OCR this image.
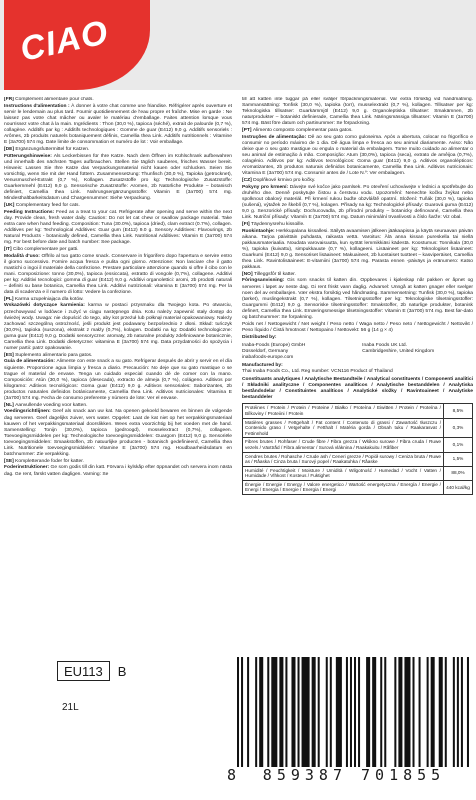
CIAO
[FR] Complément alimentaire pour chats.
Instructions d'alimentation : À donner à votre chat comme une friandise. Réfrigérer après ouverture et servir le lendemain au plus tard. Fournir quotidiennement de l'eau propre et fraîche. Mise en garde : Ne laissez pas votre chat mâcher ou avaler le matériau d'emballage. Faites attention lorsque vous nourrissez votre chat à la main. Ingrédients : Thon (30,0 %), tapioca (séché), extrait de palourde (0,7 %), collagène. Additifs par kg : Additifs technologiques : Gomme de guar (E412) 9,0 g. Additifs sensoriels : Arômes, 2b produits naturels botaniquement définis, Camellia thea Link. Additifs nutritionnels : Vitamine E (3a700) 574 mg. Date limite de consommation et numéro de lot : Voir emballage.
[DE] Ergänzungsfuttermittel für Katzen.
Fütterungshinweise: Als Leckerbissen für Ihre Katze. Nach dem Öffnen im Kühlschrank aufbewahren und innerhalb des nächsten Tages aufbrauchen. Stellen Sie täglich sauberes, frisches Wasser bereit. Hinweis: Lassen Sie Ihre Katze das Verpackungsmaterial nicht kauen oder schlucken. Seien Sie vorsichtig, wenn Sie mit der Hand füttern. Zusammensetzung: Thunfisch (30,0 %), Tapioka (getrocknet), Venusmuschel-Extrakt (0,7 %), Kollagen. Zusatzstoffe pro kg: Technologische Zusatzstoffe: Guarkernmehl (E412) 9,0 g. Sensorische Zusatzstoffe: Aromen, 2b Natürliche Produkte – botanisch definiert, Camellia thea Link. Nahrungsergänzungsstoffe: Vitamin E (3a700) 574 mg. Mindesthaltbarkeitsdatum und Chargennummer: Siehe Verpackung.
[UK] Complementary feed for cats.
Feeding Instructions: Feed as a treat to your cat. Refrigerate after opening and serve within the next day. Provide clean, fresh water daily. Caution: Do not let cat chew or swallow package material. Take extra care when hand feeding. Composition: Tuna (30.0%), tapioca (dried), clam extract (0.7%), collagen. Additives per kg: Technological Additives: Guar gum (E412) 9.0 g. Sensory Additives: Flavourings, 2b Natural Products - botanically defined, Camellia thea Link. Nutritional Additives: Vitamin E (3a700) 574 mg. For best before date and batch number: See package.
[IT] Cibo complementare per gatti.
Modalità d'uso: Offrilo al tuo gatto come snack. Conservare in frigorifero dopo l'apertura e servire entro il giorno successivo. Fornire acqua fresca e pulita ogni giorno. Attenzione: Non lasciare che il gatto mastichi o ingoi il materiale della confezione. Prestare particolare attenzione quando si offre il cibo con le mani. Composizione: tonno (30,0%), tapioca (essiccata), estratto di vongole (0,7%), collagene. Additivi per kg: Additivi tecnologici: gomma di guar (E412) 9,0 g. Additivi organolettici: aromi, 2b prodotti naturali – definiti su base botanica, Camellia thea Link. Additivi nutrizionali: vitamina E (3a700) 574 mg. Per la data di scadenza e il numero di lotto: Vedere la confezione.
[PL] Karma uzupełniająca dla kotów.
Wskazówki dotyczące karmienia: karma w postaci przysmaku dla Twojego kota. Po otwarciu, przechowywać w lodówce i zużyć w ciągu następnego dnia. Kotu należy zapewnić stały dostęp do świeżej wody. Uwaga: nie dopuścić do tego, aby kot przeżuł lub połknął materiał opakowaniowy. Należy zachować szczególną ostrożność, jeśli produkt jest podawany bezpośrednio z dłoni. Skład: tuńczyk (30,0%), tapioka (suszona), ekstrakt z małży (0,7%), kolagen. Dodatki na kg: Dodatki technologiczne: guma guar (E412) 9,0 g. Dodatki sensoryczne: aromaty, 2b naturalne produkty zdefiniowane botanicznie, Camellia thea Link. Dodatki dietetyczne: witamina E (3a700) 574 mg. Data przydatności do spożycia i numer partii: patrz opakowanie.
[ES] Suplemento alimentario para gatos.
Guía de alimentación: Alimente con este snack a su gato. Refrigerar después de abrir y servir en el día siguiente. Proporcione agua limpia y fresca a diario. Precaución: No deje que su gato mastique o se trague el material de envase. Tenga un cuidado especial cuando dé de comer con la mano. Composición: Atún (30,0 %), tapioca (desecada), extracto de almeja (0,7 %), colágeno. Aditivos por kilogramo: Aditivos tecnológicos: Goma guar (E412) 9,0 g. Aditivos sensoriales: Saborizantes, 2b productos naturales definidos botánicamente, Camellia thea Link. Aditivos nutricionales: Vitamina E (3a700) 574 mg. Fecha de consumo preferente y número de lote: Ver el envase.
[NL] Aanvullende voeding voor katten.
Voedingsrichtlijnen: Geef als snack aan uw kat. Na openen gekoeld bewaren en binnen de volgende dag serveren. Geef dagelijks zuiver, vers water. Opgelet: Laat de kat niet op het verpakkingsmateriaal kauwen of het verpakkingsmateriaal doorslikken. Wees extra voorzichtig bij het voeden met de hand. Samenstelling: Tonijn (30,0%), tapioca (gedroogd), mosselextract (0,7%), collageen. Toevoegingsmiddelen per kg: Technologische toevoegingsmiddelen: Guargom (E412) 9,0 g. Sensoriële toevoegingsmiddelen: Smaakstoffen, 2b natuurlijke producten - botanisch gedefinieerd, Camellia thea Link. Nutritionele toevoegingsmiddelen: Vitamine E (3a700) 574 mg. Houdbaarheidsdatum en batchnummer: Zie verpakking.
[SE] Kompletterande foder för katter.
Foderinstruktioner: Ge som godis till din katt. Förvara i kylskåp efter öppnandet och servera inom nästa dag. Ge rent, färskt vatten dagligen. Varning: Se
till att katten inte tuggar på eller sväljer förpackningsmaterial. Var extra försiktig vid handmatning. Sammansättning: Tonfisk (30,0 %), tapioka (torr), musselextrakt (0,7 %), kollagen. Tillsatser per kg: Teknologiska tillsatser: Guarkärnmjöl (E412) 9,0 g. Organoleptiska tillsatser: Smakämnen, 2b naturprodukter – botaniskt definierade, Camellia thea Link. Näringsmässiga tillsatser: Vitamin E (3a700) 574 mg. Bäst före datum och partinummer: Se förpackning.
[PT] Alimento composto complementar para gatos.
Instruções de alimentação: Dê ao seu gato como guloseima. Após a abertura, colocar no frigorífico e consumir no período máximo de 1 dia. Dê água limpa e fresca ao seu animal diariamente. Aviso: Não deixe que o seu gato mastigue ou engula o material da embalagem. Tome muito cuidado ao alimentar o seu animal de estimação à mão. Composição: Atum (30,0%), tapioca (seca), extrato de amêijoa (0,7%), colagénio. Aditivos por kg: Aditivos tecnológicos: Goma guar (E412) 9,0 g. Aditivos organolépticos: Aromatizantes, 2b produtos naturais definidos botanicamente, Camellia thea Link. Aditivos nutricionais: Vitamina E (3a700) 574 mg. Consumir antes de / Lote N.º: Ver embalagem.
[CZ] Doplňkové krmivo pro kočky.
Pokyny pro krmení: Dávejte své kočce jako pamlsek. Po otevření uchovávejte v lednici a spotřebujte do druhého dne. Denně poskytujte čistou a čerstvou vodu. Upozornění: Nenechte kočku žvýkat nebo spolknout obalový materiál. Při krmení rukou buďte obzvláště opatrní. Složení: Tuňák (30,0 %), tapioka (sušená), výtažek ze škeblí (0,7 %), kolagen. Přísady na kg: Technologické přísady: Guarová guma (E412) 9,0 g. Senzorické přísady: Dochucovadla, 2b přírodní produkty – botanicky definované, Camellia thea Link. Nutriční přísady: Vitamín E (3a700) 574 mg. Datum minimální trvanlivosti a číslo šarže: Viz obal.
[FI] Täydennysrehu kissoille.
Ruokintaohje: Herkkupalana kissallesi. Säilytä avaamisen jälkeen jääkaapissa ja käytä seuraavan päivän aikana. Tarjoa päivittäin puhdasta, raikasta vettä. Varoitus: Älä anna kissan pureskella tai niellä pakkausmateriaalia. Noudata varovaisuutta, kun syötät lemmikkiäsi kädestä. Koostumus: Tonnikala (30,0 %), tapioka (kuivattu), simpukkauute (0,7 %), kollageeni. Lisäaineet per kg: Teknologiset lisäaineet: Guarkumi (E412) 9,0 g. Sensoriset lisäaineet: Makuaineet, 2b luontaiset tuotteet – kasviperäiset, Camellia thea Link. Ravintolisäaineet: E-vitamiini (3a700) 574 mg. Parasta ennen -päiväys ja eränumero: Katso pakkaus.
[NO] Tilleggsfôr til katter.
Fôringsanvisning: Gis som snacks til katten din. Oppbevares i kjøleskap når pakken er åpnet og serveres i løpet av neste dag. Gi rent friskt vann daglig. Advarsel: Unngå at katten gnager eller svelger noen del av emballasjen. Vær ekstra forsiktig ved håndmating. Sammensetning: Tunfisk (30,0 %), tapioka (tørket), muslingekstrakt (0,7 %), kollagen. Tilsetningsstoffer per kg: Teknologiske tilsetningsstoffer: Guargummi (E412) 9,0 g. Sensoriske tilsetningsstoffer: Smakstoffer, 2b naturlige produkter, botanisk definert, Camellia thea Link. Ernæringsmessige tilsetningsstoffer: Vitamin E (3a700) 574 mg. Best før-dato og batchnummer: Se forpakning.
Poids net / Nettogewicht / Net weight / Peso netto / Waga netto / Peso neto / Nettogewicht / Nettovikt / Peso líquido / Čistá hmotnost / Nettopaino / Nettovekt: 56 g (14 g × 4)
Distributed by:
Inaba-Foods (Europe) GmbH	Inaba Foods UK Ltd.
Düsseldorf, Germany	Cambridgeshire, United Kingdom
inabafoods-europe.com
Manufactured by:
Thai Inaba Foods Co., Ltd. Reg number: VCN116 Product of Thailand
Constituants analytiques / Analytische Bestandteile / Analytical constituents / Componenti analitici / Składniki analityczne / Componentes analíticos / Analytische bestanddelen / Analytiska beståndsdelar / Constituintes analíticos / Analytické složky / Ravintoaineet / Analytiske bestanddeler
Protéines / Protein / Protein / Proteine / Białko / Proteína / Eiwitten / Protein / Proteína / Bílkoviny / Proteiini / Protein	8,5%
Matières grasses / Fettgehalt / Fat content / Contenuto di grassi / Zawartość tłuszczu / Contenido graso / Vetgehalte / Fetthalt / Matéria gorda / Obsah tuku / Raakarasvat / Fettinnhold	0,3%
Fibres brutes / Rohfaser / Crude fibre / Fibra grezza / Włókno surowe / Fibra cruda / Ruwe vezels / Växttråd / Fibra alimentar / Surová vláknina / Raakakuitu / Råfiber	0,1%
Cendres brutes / Rohasche / Crude ash / Ceneri grezze / Popiół surowy / Ceniza bruta / Ruwe as / Råaska / Cinza bruta / Surový popel / Raakatuhka / Råaske	1,5%
Humidité / Feuchtigkeit / Moisture / Umidità / Wilgotność / Humedad / Vocht / Vatten / Humidade / Vlhkost / Kosteus / Fuktighet	88,0%
Énergie / Energie / Energy / Valore energetico / Wartość energetyczna / Energía / Energie / Energi / Energia / Energie / Energia / Energi	440 kcal/kg
EU113 B
21L
8	859387 701855
